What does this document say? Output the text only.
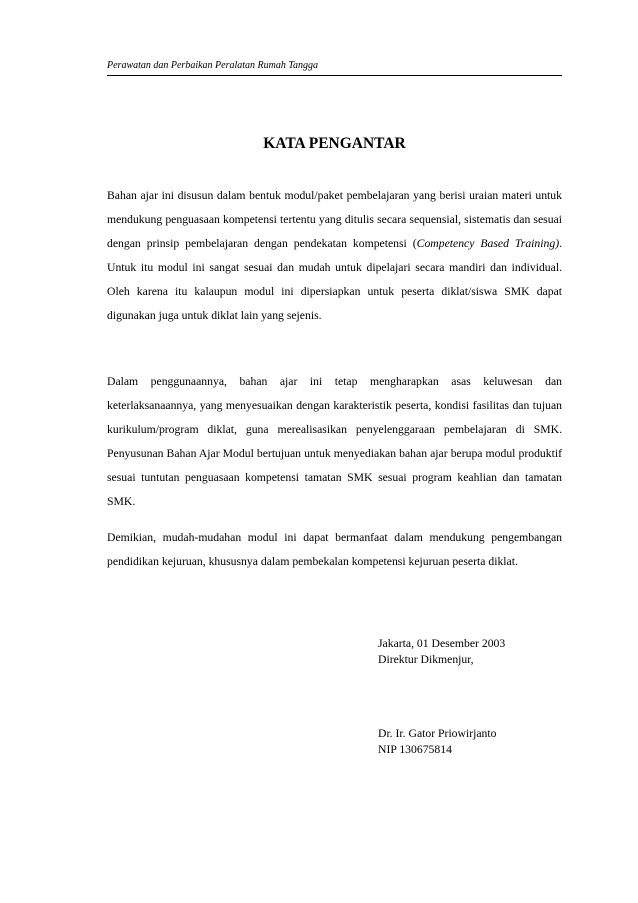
Perawatan dan Perbaikan Peralatan Rumah Tangga
KATA PENGANTAR

Bahan ajar ini disusun dalam bentuk modul/paket pembelajaran yang berisi uraian materi untuk mendukung penguasaan kompetensi tertentu yang ditulis secara sequensial, sistematis dan sesuai dengan prinsip pembelajaran dengan pendekatan kompetensi (Competency Based Training). Untuk itu modul ini sangat sesuai dan mudah untuk dipelajari secara mandiri dan individual. Oleh karena itu kalaupun modul ini dipersiapkan untuk peserta diklat/siswa SMK dapat digunakan juga untuk diklat lain yang sejenis.

Dalam penggunaannya, bahan ajar ini tetap mengharapkan asas keluwesan dan keterlaksanaannya, yang menyesuaikan dengan karakteristik peserta, kondisi fasilitas dan tujuan kurikulum/program diklat, guna merealisasikan penyelenggaraan pembelajaran di SMK. Penyusunan Bahan Ajar Modul bertujuan untuk menyediakan bahan ajar berupa modul produktif sesuai tuntutan penguasaan kompetensi tamatan SMK sesuai program keahlian dan tamatan SMK.

Demikian, mudah-mudahan modul ini dapat bermanfaat dalam mendukung pengembangan pendidikan kejuruan, khususnya dalam pembekalan kompetensi kejuruan peserta diklat.

Jakarta, 01 Desember 2003
Direktur Dikmenjur,
Dr. Ir. Gator Priowirjanto
NIP 130675814
